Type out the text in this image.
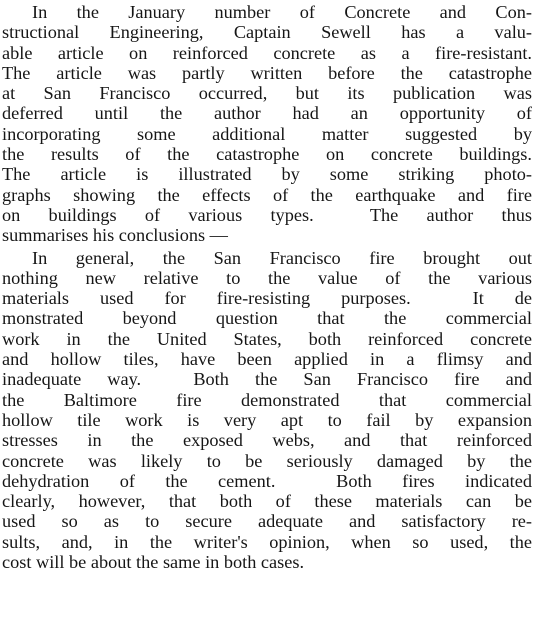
In the January number of Concrete and Con-
structional Engineering, Captain Sewell has a valu-
able article on reinforced concrete as a fire-resistant.
The article was partly written before the catastrophe
at San Francisco occurred, but its publication was
deferred until the author had an opportunity of
incorporating some additional matter suggested by
the results of the catastrophe on concrete buildings.
The article is illustrated by some striking photo-
graphs showing the effects of the earthquake and fire
on buildings of various types.  The author thus
summarises his conclusions —
In general, the San Francisco fire brought out
nothing new relative to the value of the various
materials used for fire-resisting purposes.  It de
monstrated beyond question that the commercial
work in the United States, both reinforced concrete
and hollow tiles, have been applied in a flimsy and
inadequate way.  Both the San Francisco fire and
the Baltimore fire demonstrated that commercial
hollow tile work is very apt to fail by expansion
stresses in the exposed webs, and that reinforced
concrete was likely to be seriously damaged by the
dehydration of the cement.  Both fires indicated
clearly, however, that both of these materials can be
used so as to secure adequate and satisfactory re-
sults, and, in the writer's opinion, when so used, the
cost will be about the same in both cases.
